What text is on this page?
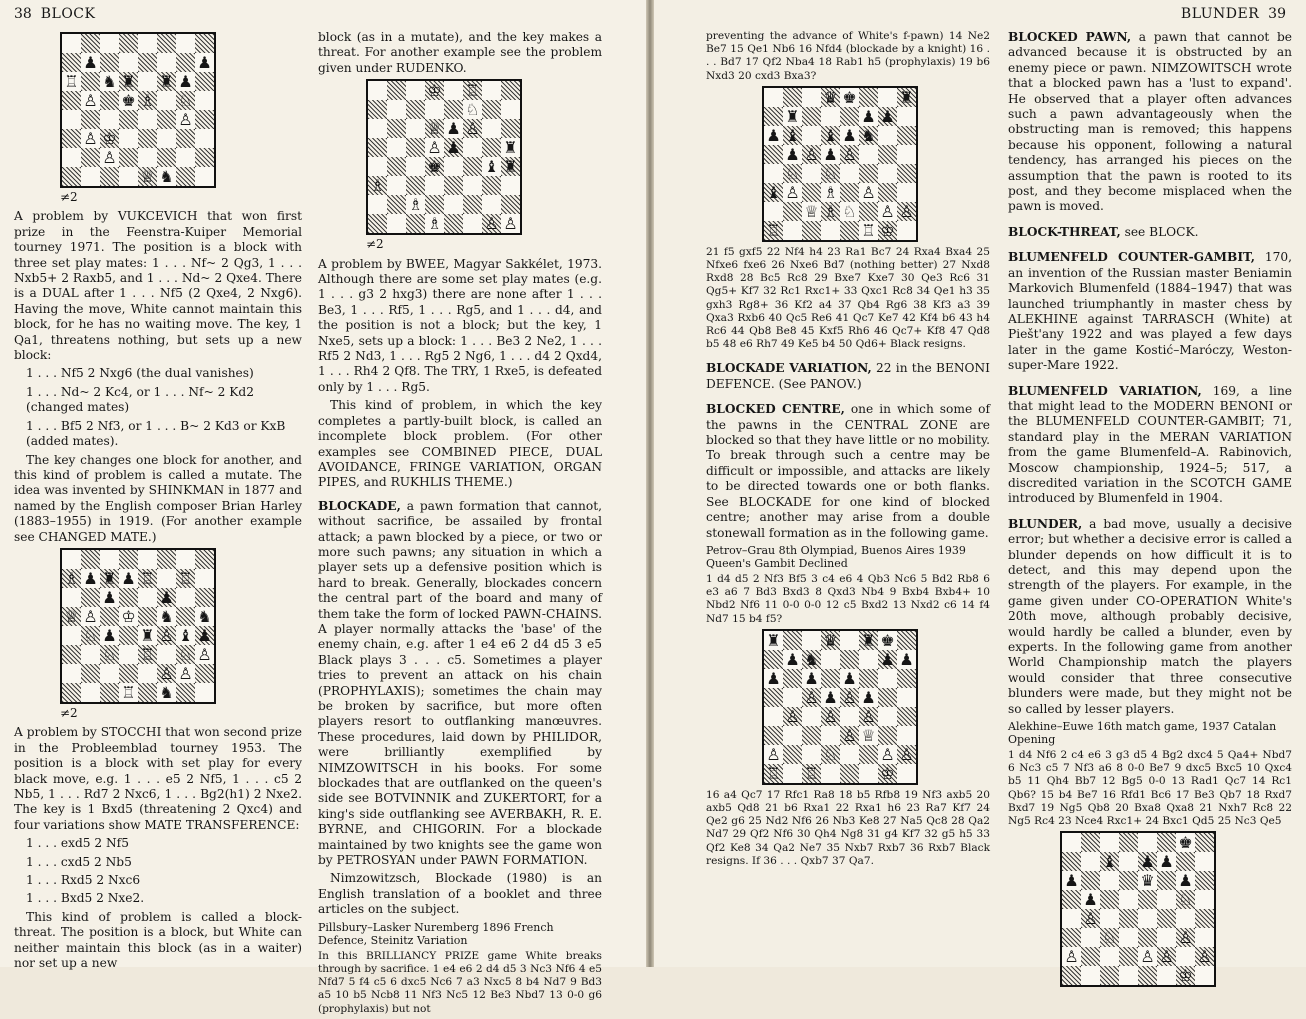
38 BLOCK
♟	♟
♖ ♞ ♜ ♜ ♟
♙ ♚ ♗ ♘
♙
♙ ♔
♙
♕ ♞
≠2

A problem by VUKCEVICH that won first prize in the Feenstra-Kuiper Memorial tourney 1971. The position is a block with three set play mates: 1 . . . Nf~ 2 Qg3, 1 . . . Nxb5+ 2 Raxb5, and 1 . . . Nd~ 2 Qxe4. There is a DUAL after 1 . . . Nf5 (2 Qxe4, 2 Nxg6). Having the move, White cannot maintain this block, for he has no waiting move. The key, 1 Qa1, threatens nothing, but sets up a new block:

1 . . . Nf5 2 Nxg6 (the dual vanishes)

1 . . . Nd~ 2 Kc4, or 1 . . . Nf~ 2 Kd2 (changed mates)

1 . . . Bf5 2 Nf3, or 1 . . . B~ 2 Kd3 or KxB (added mates).

The key changes one block for another, and this kind of problem is called a mutate. The idea was invented by SHINKMAN in 1877 and named by the English composer Brian Harley (1883–1955) in 1919. (For another example see CHANGED MATE.)

♗ ♟ ♜ ♟ ♖ ♖
♟	♟
♕ ♙ ♔ ♞ ♞
♘ ♟ ♜ ♙ ♝ ♟
♘ ♖ ♘ ♙
♙ ♙
♖ ♞
≠2

A problem by STOCCHI that won second prize in the Probleemblad tourney 1953. The position is a block with set play for every black move, e.g. 1 . . . e5 2 Nf5, 1 . . . c5 2 Nb5, 1 . . . Rd7 2 Nxc6, 1 . . . Bg2(h1) 2 Nxe2. The key is 1 Bxd5 (threatening 2 Qxc4) and four variations show MATE TRANSFERENCE:

1 . . . exd5 2 Nf5

1 . . . cxd5 2 Nb5

1 . . . Rxd5 2 Nxc6

1 . . . Bxd5 2 Nxe2.

This kind of problem is called a block-threat. The position is a block, but White can neither maintain this block (as in a waiter) nor set up a new

block (as in a mutate), and the key makes a threat. For another example see the problem given under RUDENKO.

♔ ♖
♘
♕ ♟ ♙
♙ ♟	♜
♚	♝ ♜
♗
♗
♗	♙ ♙
≠2

A problem by BWEE, Magyar Sakkélet, 1973. Although there are some set play mates (e.g. 1 . . . g3 2 hxg3) there are none after 1 . . . Be3, 1 . . . Rf5, 1 . . . Rg5, and 1 . . . d4, and the position is not a block; but the key, 1 Nxe5, sets up a block: 1 . . . Be3 2 Ne2, 1 . . . Rf5 2 Nd3, 1 . . . Rg5 2 Ng6, 1 . . . d4 2 Qxd4, 1 . . . Rh4 2 Qf8. The TRY, 1 Rxe5, is defeated only by 1 . . . Rg5.

This kind of problem, in which the key completes a partly-built block, is called an incomplete block problem. (For other examples see COMBINED PIECE, DUAL AVOIDANCE, FRINGE VARIATION, ORGAN PIPES, and RUKHLIS THEME.)

BLOCKADE, a pawn formation that cannot, without sacrifice, be assailed by frontal attack; a pawn blocked by a piece, or two or more such pawns; any situation in which a player sets up a defensive position which is hard to break. Generally, blockades concern the central part of the board and many of them take the form of locked PAWN-CHAINS. A player normally attacks the 'base' of the enemy chain, e.g. after 1 e4 e6 2 d4 d5 3 e5 Black plays 3 . . . c5. Sometimes a player tries to prevent an attack on his chain (PROPHYLAXIS); sometimes the chain may be broken by sacrifice, but more often players resort to outflanking manœuvres. These procedures, laid down by PHILIDOR, were brilliantly exemplified by NIMZOWITSCH in his books. For some blockades that are outflanked on the queen's side see BOTVINNIK and ZUKERTORT, for a king's side outflanking see AVERBAKH, R. E. BYRNE, and CHIGORIN. For a blockade maintained by two knights see the game won by PETROSYAN under PAWN FORMATION.

Nimzowitzsch, Blockade (1980) is an English translation of a booklet and three articles on the subject.

Pillsbury–Lasker Nuremberg 1896 French Defence, Steinitz Variation

In this BRILLIANCY PRIZE game White breaks through by sacrifice. 1 e4 e6 2 d4 d5 3 Nc3 Nf6 4 e5 Nfd7 5 f4 c5 6 dxc5 Nc6 7 a3 Nxc5 8 b4 Nd7 9 Bd3 a5 10 b5 Ncb8 11 Nf3 Nc5 12 Be3 Nbd7 13 0-0 g6 (prophylaxis) but not

BLUNDER 39

preventing the advance of White's f-pawn) 14 Ne2 Be7 15 Qe1 Nb6 16 Nfd4 (blockade by a knight) 16 . . . Bd7 17 Qf2 Nba4 18 Rab1 h5 (prophylaxis) 19 b6 Nxd3 20 cxd3 Bxa3?

♛ ♚	♜
♜	♟ ♟
♟ ♝ ♝ ♟ ♞
♟ ♙ ♟ ♙
♘ ♘
♝ ♙ ♗ ♙
♕ ♗ ♘ ♙ ♙
♖	♖ ♔

21 f5 gxf5 22 Nf4 h4 23 Ra1 Bc7 24 Rxa4 Bxa4 25 Nfxe6 fxe6 26 Nxe6 Bd7 (nothing better) 27 Nxd8 Rxd8 28 Bc5 Rc8 29 Bxe7 Kxe7 30 Qe3 Rc6 31 Qg5+ Kf7 32 Rc1 Rxc1+ 33 Qxc1 Rc8 34 Qe1 h3 35 gxh3 Rg8+ 36 Kf2 a4 37 Qb4 Rg6 38 Kf3 a3 39 Qxa3 Rxb6 40 Qc5 Re6 41 Qc7 Ke7 42 Kf4 b6 43 h4 Rc6 44 Qb8 Be8 45 Kxf5 Rh6 46 Qc7+ Kf8 47 Qd8 b5 48 e6 Rh7 49 Ke5 b4 50 Qd6+ Black resigns.

BLOCKADE VARIATION, 22 in the BENONI DEFENCE. (See PANOV.)

BLOCKED CENTRE, one in which some of the pawns in the CENTRAL ZONE are blocked so that they have little or no mobility. To break through such a centre may be difficult or impossible, and attacks are likely to be directed towards one or both flanks. See BLOCKADE for one kind of blocked centre; another may arise from a double stonewall formation as in the following game.

Petrov–Grau 8th Olympiad, Buenos Aires 1939 Queen's Gambit Declined

1 d4 d5 2 Nf3 Bf5 3 c4 e6 4 Qb3 Nc6 5 Bd2 Rb8 6 e3 a6 7 Bd3 Bxd3 8 Qxd3 Nb4 9 Bxb4 Bxb4+ 10 Nbd2 Nf6 11 0-0 0-0 12 c5 Bxd2 13 Nxd2 c6 14 f4 Nd7 15 b4 f5?

♜	♛ ♜ ♚
♟ ♞	♟ ♟
♟ ♟ ♟
♙ ♟ ♙ ♟
♙ ♙ ♙
♙ ♕
♙	♘	♙ ♙
♖ ♖	♔

16 a4 Qc7 17 Rfc1 Ra8 18 b5 Rfb8 19 Nf3 axb5 20 axb5 Qd8 21 b6 Rxa1 22 Rxa1 h6 23 Ra7 Kf7 24 Qe2 g6 25 Nd2 Nf6 26 Nb3 Ke8 27 Na5 Qc8 28 Qa2 Nd7 29 Qf2 Nf6 30 Qh4 Ng8 31 g4 Kf7 32 g5 h5 33 Qf2 Ke8 34 Qa2 Ne7 35 Nxb7 Rxb7 36 Rxb7 Black resigns. If 36 . . . Qxb7 37 Qa7.

BLOCKED PAWN, a pawn that cannot be advanced because it is obstructed by an enemy piece or pawn. NIMZOWITSCH wrote that a blocked pawn has a 'lust to expand'. He observed that a player often advances such a pawn advantageously when the obstructing man is removed; this happens because his opponent, following a natural tendency, has arranged his pieces on the assumption that the pawn is rooted to its post, and they become misplaced when the pawn is moved.

BLOCK-THREAT, see BLOCK.

BLUMENFELD COUNTER-GAMBIT, 170, an invention of the Russian master Beniamin Markovich Blumenfeld (1884–1947) that was launched triumphantly in master chess by ALEKHINE against TARRASCH (White) at Piešt'any 1922 and was played a few days later in the game Kostić–Maróczy, Weston-super-Mare 1922.

BLUMENFELD VARIATION, 169, a line that might lead to the MODERN BENONI or the BLUMENFELD COUNTER-GAMBIT; 71, standard play in the MERAN VARIATION from the game Blumenfeld–A. Rabinovich, Moscow championship, 1924–5; 517, a discredited variation in the SCOTCH GAME introduced by Blumenfeld in 1904.

BLUNDER, a bad move, usually a decisive error; but whether a decisive error is called a blunder depends on how difficult it is to detect, and this may depend upon the strength of the players. For example, in the game given under CO-OPERATION White's 20th move, although probably decisive, would hardly be called a blunder, even by experts. In the following game from another World Championship match the players would consider that three consecutive blunders were made, but they might not be so called by lesser players.

Alekhine–Euwe 16th match game, 1937 Catalan Opening

1 d4 Nf6 2 c4 e6 3 g3 d5 4 Bg2 dxc4 5 Qa4+ Nbd7 6 Nc3 c5 7 Nf3 a6 8 0-0 Be7 9 dxc5 Bxc5 10 Qxc4 b5 11 Qh4 Bb7 12 Bg5 0-0 13 Rad1 Qc7 14 Rc1 Qb6? 15 b4 Be7 16 Rfd1 Bc6 17 Be3 Qb7 18 Rxd7 Bxd7 19 Ng5 Qb8 20 Bxa8 Qxa8 21 Nxh7 Rc8 22 Ng5 Rc4 23 Nce4 Rxc1+ 24 Bxc1 Qd5 25 Nc3 Qe5

♚
♝ ♟ ♟
♟	♛ ♟
♟	♘
♙
♘	♙
♙	♙ ♙ ♙
♔
